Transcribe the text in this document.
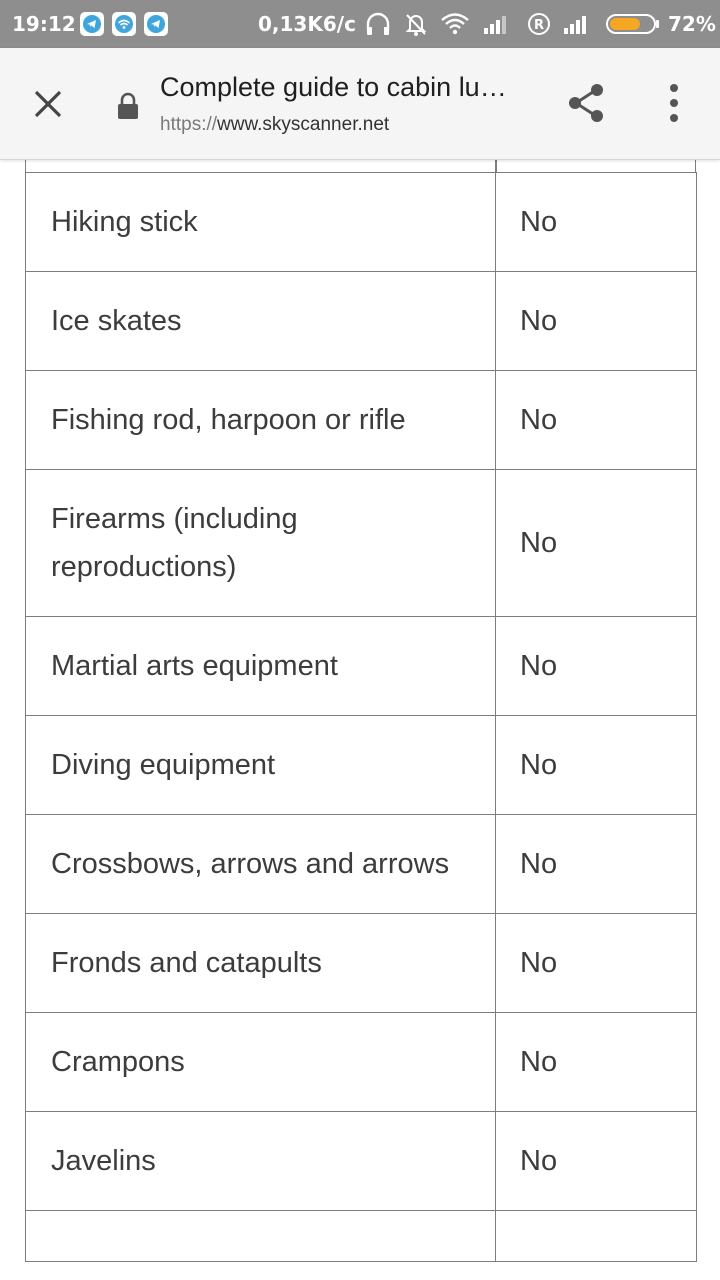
19:12	0,13K6/c	R	72%
Complete guide to cabin lu…
https://www.skyscanner.net
Hiking stick	No
Ice skates	No
Fishing rod, harpoon or rifle	No
Firearms (including reproductions)	No
Martial arts equipment	No
Diving equipment	No
Crossbows, arrows and arrows	No
Fronds and catapults	No
Crampons	No
Javelins	No
